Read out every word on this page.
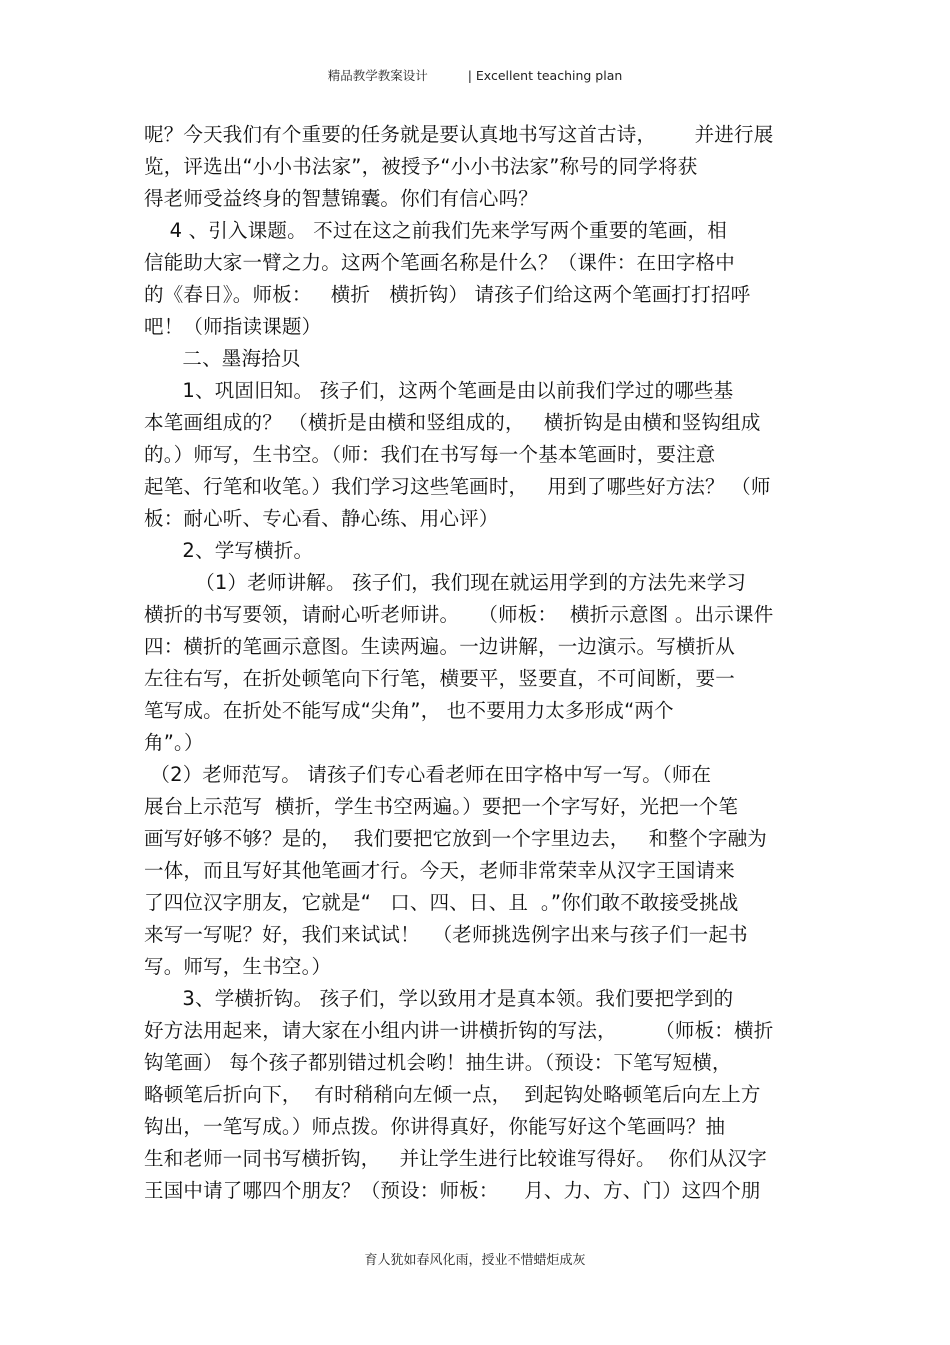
精品教学教案设计	| Excellent teaching plan
呢？今天我们有个重要的任务就是要认真地书写这首古诗，      并进行展
览，评选出“小小书法家”，被授予“小小书法家”称号的同学将获
得老师受益终身的智慧锦囊。你们有信心吗？
4 、引入课题。 不过在这之前我们先来学写两个重要的笔画，相
信能助大家一臂之力。这两个笔画名称是什么？（课件：在田字格中
的《春日》。师板：   横折   横折钩） 请孩子们给这两个笔画打打招呼
吧！（师指读课题）
二、墨海拾贝
1、巩固旧知。 孩子们，这两个笔画是由以前我们学过的哪些基
本笔画组成的？ （横折是由横和竖组成的，   横折钩是由横和竖钩组成
的。）师写，生书空。（师：我们在书写每一个基本笔画时，要注意
起笔、行笔和收笔。）我们学习这些笔画时，   用到了哪些好方法？ （师
板：耐心听、专心看、静心练、用心评）
2、学写横折。
（1）老师讲解。 孩子们，我们现在就运用学到的方法先来学习
横折的书写要领，请耐心听老师讲。   （师板：  横折示意图 。出示课件
四：横折的笔画示意图。生读两遍。一边讲解，一边演示。写横折从
左往右写，在折处顿笔向下行笔，横要平，竖要直，不可间断，要一
笔写成。在折处不能写成“尖角”， 也不要用力太多形成“两个
角”。）
（2）老师范写。 请孩子们专心看老师在田字格中写一写。（师在
展台上示范写  横折，学生书空两遍。）要把一个字写好，光把一个笔
画写好够不够？是的，  我们要把它放到一个字里边去，   和整个字融为
一体，而且写好其他笔画才行。今天，老师非常荣幸从汉字王国请来
了四位汉字朋友，它就是“   口、四、日、且  。”你们敢不敢接受挑战
来写一写呢？好，我们来试试！  （老师挑选例字出来与孩子们一起书
写。师写，生书空。）
3、学横折钩。 孩子们，学以致用才是真本领。我们要把学到的
好方法用起来，请大家在小组内讲一讲横折钩的写法，      （师板：横折
钩笔画） 每个孩子都别错过机会哟！抽生讲。（预设：下笔写短横，
略顿笔后折向下，  有时稍稍向左倾一点，  到起钩处略顿笔后向左上方
钩出，一笔写成。）师点拨。你讲得真好，你能写好这个笔画吗？抽
生和老师一同书写横折钩，   并让学生进行比较谁写得好。  你们从汉字
王国中请了哪四个朋友？（预设：师板：    月、力、方、门）这四个朋
育人犹如春风化雨，授业不惜蜡炬成灰
